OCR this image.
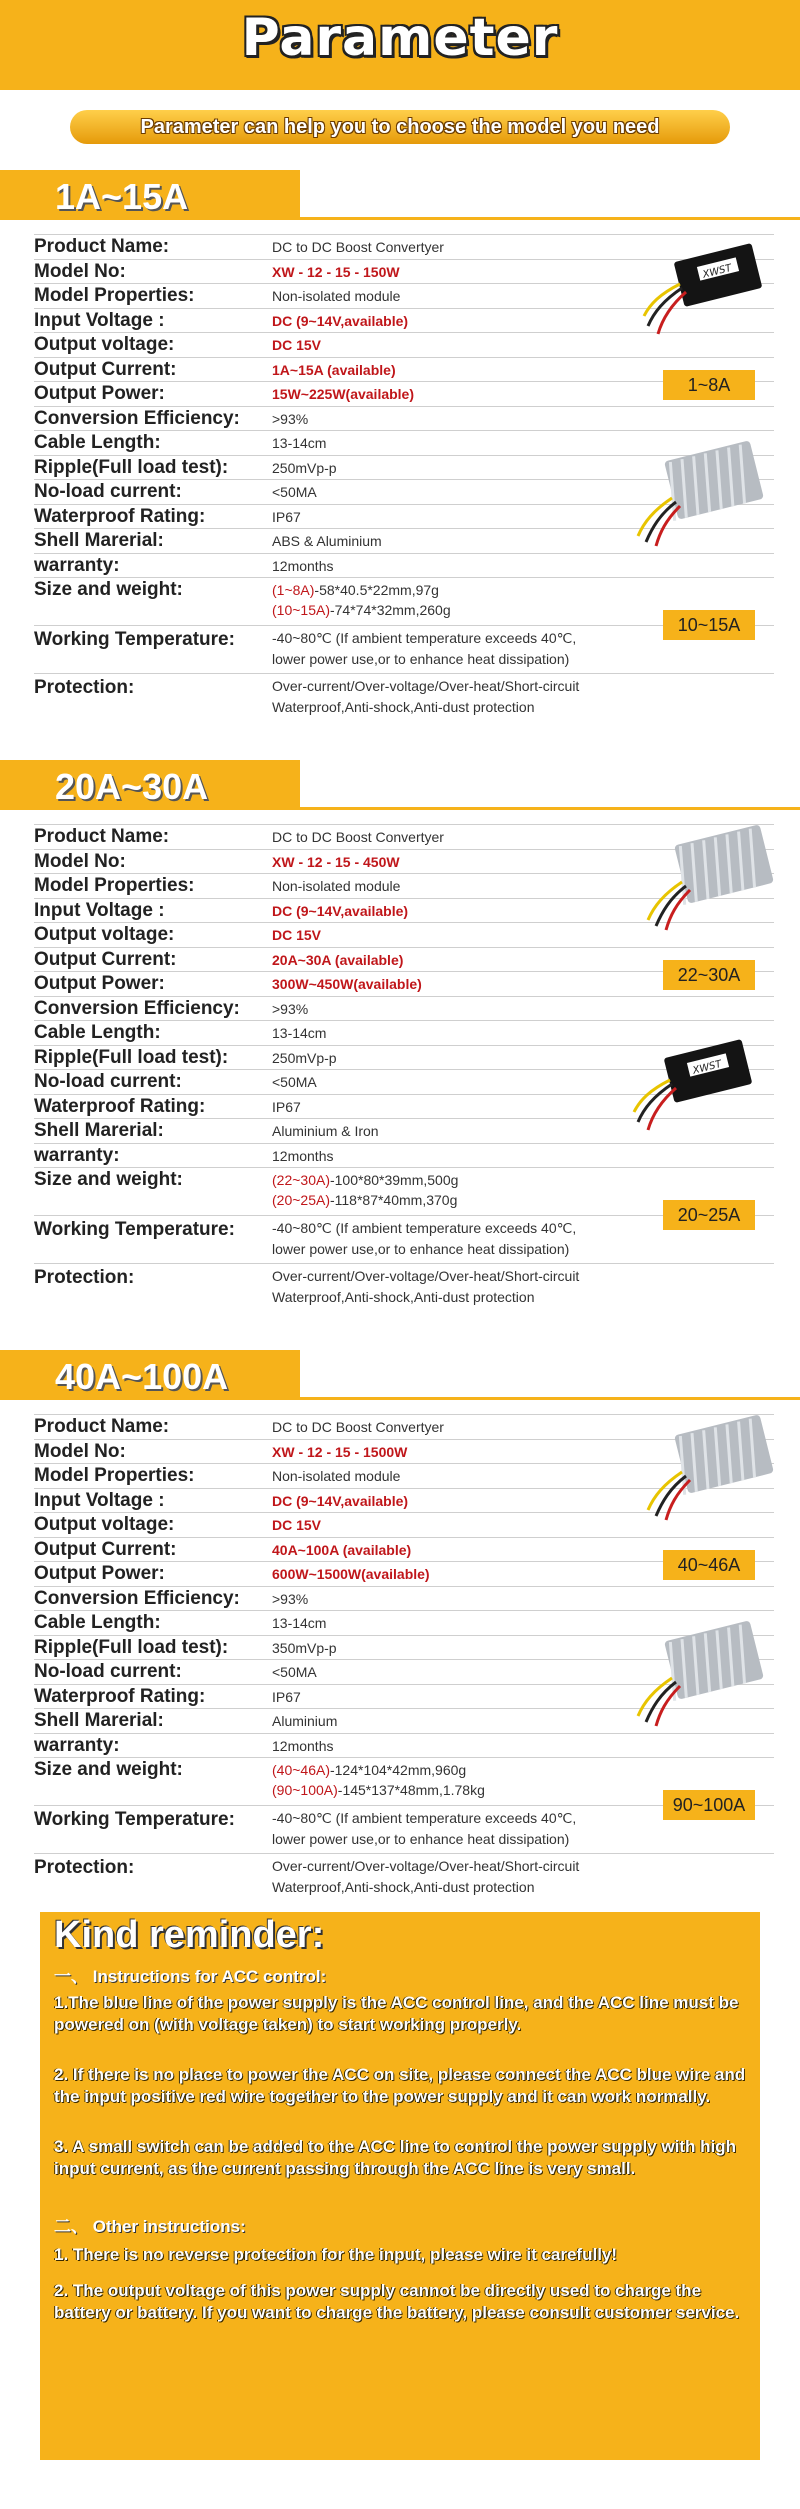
Parameter
Parameter can help you to choose the model you need
1A~15A
Product Name:	DC to DC Boost Convertyer
Model No:	XW - 12 - 15 - 150W
Model Properties:	Non-isolated module
Input Voltage :	DC (9~14V,available)
Output voltage:	DC 15V
Output Current:	1A~15A (available)
Output Power:	15W~225W(available)
Conversion Efficiency: >93%
Cable Length:	13-14cm
Ripple(Full load test):	250mVp-p
No-load current:	<50MA
Waterproof Rating:	IP67
Shell Marerial:	ABS & Aluminium
warranty:	12months
Size and weight:	(1~8A)-58*40.5*22mm,97g
(10~15A)-74*74*32mm,260g
Working Temperature:	-40~80℃ (If ambient temperature exceeds 40℃,
lower power use,or to enhance heat dissipation)
Protection:	Over-current/Over-voltage/Over-heat/Short-circuit
Waterproof,Anti-shock,Anti-dust protection
XWST
1~8A
10~15A
20A~30A
Product Name:	DC to DC Boost Convertyer
Model No:	XW - 12 - 15 - 450W
Model Properties:	Non-isolated module
Input Voltage :	DC (9~14V,available)
Output voltage:	DC 15V
Output Current:	20A~30A (available)
Output Power:	300W~450W(available)
Conversion Efficiency: >93%
Cable Length:	13-14cm
Ripple(Full load test):	250mVp-p
No-load current:	<50MA
Waterproof Rating:	IP67
Shell Marerial:	Aluminium & Iron
warranty:	12months
Size and weight:	(22~30A)-100*80*39mm,500g
(20~25A)-118*87*40mm,370g
Working Temperature:	-40~80℃ (If ambient temperature exceeds 40℃,
lower power use,or to enhance heat dissipation)
Protection:	Over-current/Over-voltage/Over-heat/Short-circuit
Waterproof,Anti-shock,Anti-dust protection
22~30A
XWST
20~25A
40A~100A
Product Name:	DC to DC Boost Convertyer
Model No:	XW - 12 - 15 - 1500W
Model Properties:	Non-isolated module
Input Voltage :	DC (9~14V,available)
Output voltage:	DC 15V
Output Current:	40A~100A (available)
Output Power:	600W~1500W(available)
Conversion Efficiency: >93%
Cable Length:	13-14cm
Ripple(Full load test):	350mVp-p
No-load current:	<50MA
Waterproof Rating:	IP67
Shell Marerial:	Aluminium
warranty:	12months
Size and weight:	(40~46A)-124*104*42mm,960g
(90~100A)-145*137*48mm,1.78kg
Working Temperature:	-40~80℃ (If ambient temperature exceeds 40℃,
lower power use,or to enhance heat dissipation)
Protection:	Over-current/Over-voltage/Over-heat/Short-circuit
Waterproof,Anti-shock,Anti-dust protection
40~46A
90~100A
Kind reminder:
一、 Instructions for ACC control:
1.The blue line of the power supply is the ACC control line, and the ACC line must be powered on (with voltage taken) to start working properly.
2. If there is no place to power the ACC on site, please connect the ACC blue wire and the input positive red wire together to the power supply and it can work normally.
3. A small switch can be added to the ACC line to control the power supply with high input current, as the current passing through the ACC line is very small.
二、 Other instructions:
1. There is no reverse protection for the input, please wire it carefully!
2. The output voltage of this power supply cannot be directly used to charge the battery or battery. If you want to charge the battery, please consult customer service.
